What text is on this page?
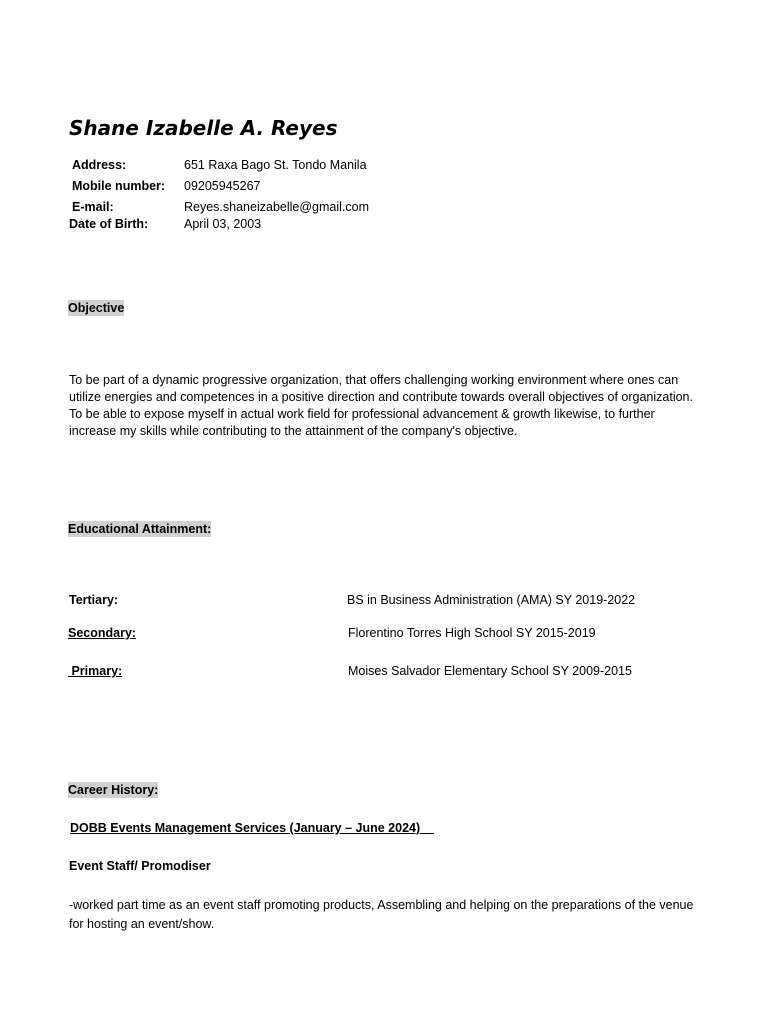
Shane Izabelle A. Reyes
Address:	651 Raxa Bago St. Tondo Manila
Mobile number: 09205945267
E-mail:	Reyes.shaneizabelle@gmail.com
Date of Birth:	April 03, 2003
Objective
To be part of a dynamic progressive organization, that offers challenging working environment where ones can utilize energies and competences in a positive direction and contribute towards overall objectives of organization. To be able to expose myself in actual work field for professional advancement & growth likewise, to further increase my skills while contributing to the attainment of the company's objective.
Educational Attainment:
Tertiary:	BS in Business Administration (AMA) SY 2019-2022
Secondary:	Florentino Torres High School SY 2015-2019
Primary:	Moises Salvador Elementary School SY 2009-2015
Career History:
DOBB Events Management Services (January – June 2024)
Event Staff/ Promodiser
-worked part time as an event staff promoting products, Assembling and helping on the preparations of the venue for hosting an event/show.
